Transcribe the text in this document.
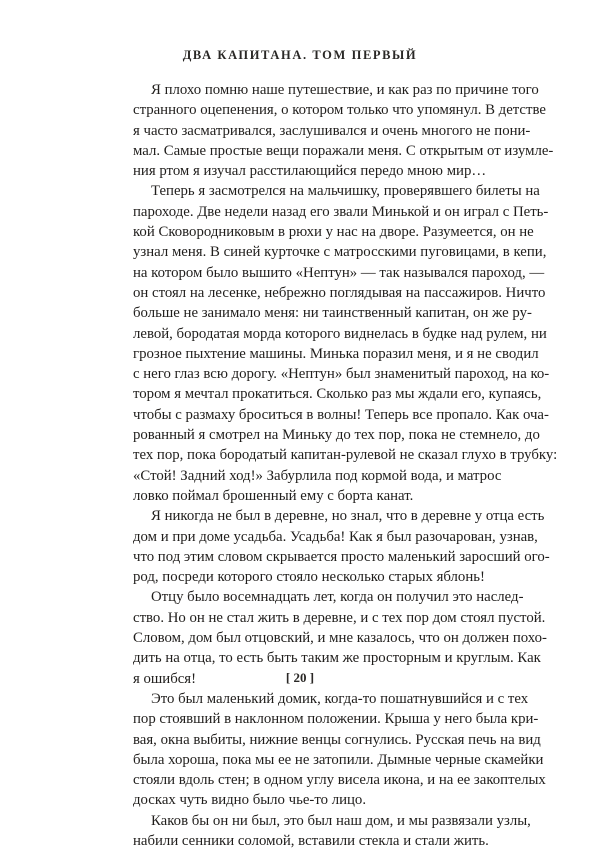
ДВА КАПИТАНА. ТОМ ПЕРВЫЙ
Я плохо помню наше путешествие, и как раз по причине того
странного оцепенения, о котором только что упомянул. В детстве
я часто засматривался, заслушивался и очень многого не пони-
мал. Самые простые вещи поражали меня. С открытым от изумле-
ния ртом я изучал расстилающийся передо мною мир…
Теперь я засмотрелся на мальчишку, проверявшего билеты на
пароходе. Две недели назад его звали Минькой и он играл с Петь-
кой Сковородниковым в рюхи у нас на дворе. Разумеется, он не
узнал меня. В синей курточке с матросскими пуговицами, в кепи,
на котором было вышито «Нептун» — так назывался пароход, —
он стоял на лесенке, небрежно поглядывая на пассажиров. Ничто
больше не занимало меня: ни таинственный капитан, он же ру-
левой, бородатая морда которого виднелась в будке над рулем, ни
грозное пыхтение машины. Минька поразил меня, и я не сводил
с него глаз всю дорогу. «Нептун» был знаменитый пароход, на ко-
тором я мечтал прокатиться. Сколько раз мы ждали его, купаясь,
чтобы с размаху броситься в волны! Теперь все пропало. Как оча-
рованный я смотрел на Миньку до тех пор, пока не стемнело, до
тех пор, пока бородатый капитан-рулевой не сказал глухо в трубку:
«Стой! Задний ход!» Забурлила под кормой вода, и матрос
ловко поймал брошенный ему с борта канат.
Я никогда не был в деревне, но знал, что в деревне у отца есть
дом и при доме усадьба. Усадьба! Как я был разочарован, узнав,
что под этим словом скрывается просто маленький заросший ого-
род, посреди которого стояло несколько старых яблонь!
Отцу было восемнадцать лет, когда он получил это наслед-
ство. Но он не стал жить в деревне, и с тех пор дом стоял пустой.
Словом, дом был отцовский, и мне казалось, что он должен похо-
дить на отца, то есть быть таким же просторным и круглым. Как
я ошибся!
Это был маленький домик, когда-то пошатнувшийся и с тех
пор стоявший в наклонном положении. Крыша у него была кри-
вая, окна выбиты, нижние венцы согнулись. Русская печь на вид
была хороша, пока мы ее не затопили. Дымные черные скамейки
стояли вдоль стен; в одном углу висела икона, и на ее закоптелых
досках чуть видно было чье-то лицо.
Каков бы он ни был, это был наш дом, и мы развязали узлы,
набили сенники соломой, вставили стекла и стали жить.
[ 20 ]
